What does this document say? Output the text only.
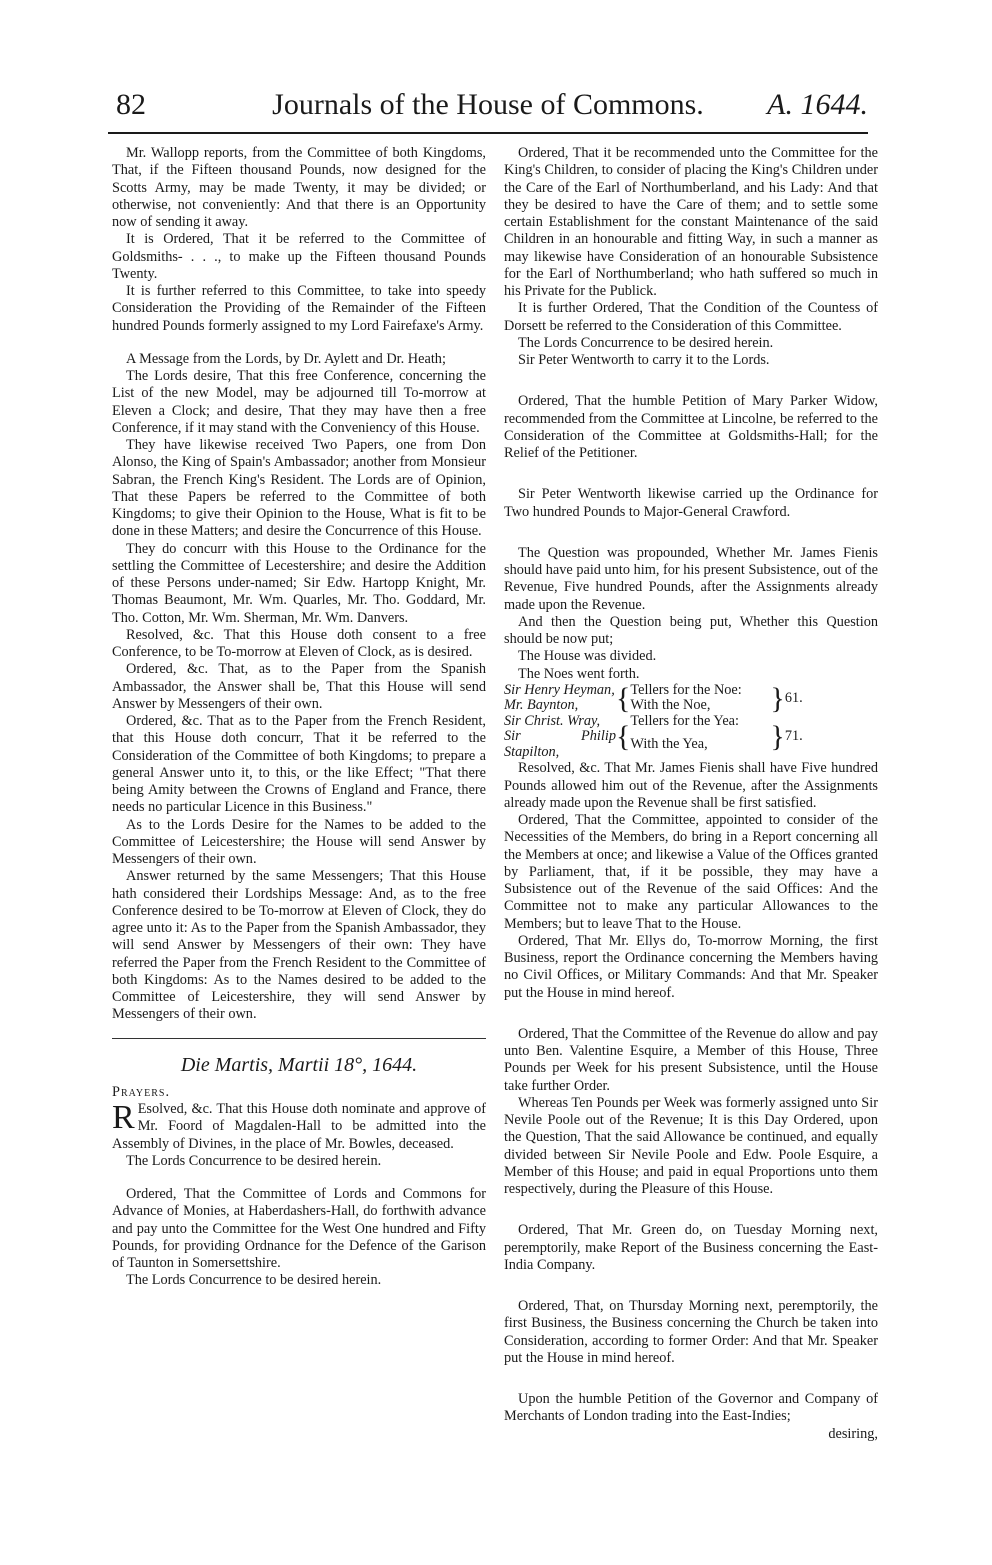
82	Journals of the House of Commons.	A. 1644.

Mr. Wallopp reports, from the Committee of both Kingdoms, That, if the Fifteen thousand Pounds, now designed for the Scotts Army, may be made Twenty, it may be divided; or otherwise, not conveniently: And that there is an Opportunity now of sending it away.

It is Ordered, That it be referred to the Committee of Goldsmiths- . . ., to make up the Fifteen thousand Pounds Twenty.

It is further referred to this Committee, to take into speedy Consideration the Providing of the Remainder of the Fifteen hundred Pounds formerly assigned to my Lord Fairefaxe's Army.

A Message from the Lords, by Dr. Aylett and Dr. Heath;

The Lords desire, That this free Conference, concerning the List of the new Model, may be adjourned till To-morrow at Eleven a Clock; and desire, That they may have then a free Conference, if it may stand with the Conveniency of this House.

They have likewise received Two Papers, one from Don Alonso, the King of Spain's Ambassador; another from Monsieur Sabran, the French King's Resident. The Lords are of Opinion, That these Papers be referred to the Committee of both Kingdoms; to give their Opinion to the House, What is fit to be done in these Matters; and desire the Concurrence of this House.

They do concurr with this House to the Ordinance for the settling the Committee of Lecestershire; and desire the Addition of these Persons under-named; Sir Edw. Hartopp Knight, Mr. Thomas Beaumont, Mr. Wm. Quarles, Mr. Tho. Goddard, Mr. Tho. Cotton, Mr. Wm. Sherman, Mr. Wm. Danvers.

Resolved, &c. That this House doth consent to a free Conference, to be To-morrow at Eleven of Clock, as is desired.

Ordered, &c. That, as to the Paper from the Spanish Ambassador, the Answer shall be, That this House will send Answer by Messengers of their own.

Ordered, &c. That as to the Paper from the French Resident, that this House doth concurr, That it be referred to the Consideration of the Committee of both Kingdoms; to prepare a general Answer unto it, to this, or the like Effect; "That there being Amity between the Crowns of England and France, there needs no particular Licence in this Business."

As to the Lords Desire for the Names to be added to the Committee of Leicestershire; the House will send Answer by Messengers of their own.

Answer returned by the same Messengers; That this House hath considered their Lordships Message: And, as to the free Conference desired to be To-morrow at Eleven of Clock, they do agree unto it: As to the Paper from the Spanish Ambassador, they will send Answer by Messengers of their own: They have referred the Paper from the French Resident to the Committee of both Kingdoms: As to the Names desired to be added to the Committee of Leicestershire, they will send Answer by Messengers of their own.

Die Martis, Martii 18°, 1644.

Prayers.

R Esolved, &c. That this House doth nominate and approve of Mr. Foord of Magdalen-Hall to be admitted into the Assembly of Divines, in the place of Mr. Bowles, deceased.

The Lords Concurrence to be desired herein.

Ordered, That the Committee of Lords and Commons for Advance of Monies, at Haberdashers-Hall, do forthwith advance and pay unto the Committee for the West One hundred and Fifty Pounds, for providing Ordnance for the Defence of the Garison of Taunton in Somersettshire.

The Lords Concurrence to be desired herein.

Ordered, That it be recommended unto the Committee for the King's Children, to consider of placing the King's Children under the Care of the Earl of Northumberland, and his Lady: And that they be desired to have the Care of them; and to settle some certain Establishment for the constant Maintenance of the said Children in an honourable and fitting Way, in such a manner as may likewise have Consideration of an honourable Subsistence for the Earl of Northumberland; who hath suffered so much in his Private for the Publick.

It is further Ordered, That the Condition of the Countess of Dorsett be referred to the Consideration of this Committee.

The Lords Concurrence to be desired herein.

Sir Peter Wentworth to carry it to the Lords.

Ordered, That the humble Petition of Mary Parker Widow, recommended from the Committee at Lincolne, be referred to the Consideration of the Committee at Goldsmiths-Hall; for the Relief of the Petitioner.

Sir Peter Wentworth likewise carried up the Ordinance for Two hundred Pounds to Major-General Crawford.

The Question was propounded, Whether Mr. James Fienis should have paid unto him, for his present Subsistence, out of the Revenue, Five hundred Pounds, after the Assignments already made upon the Revenue.

And then the Question being put, Whether this Question should be now put;

The House was divided.

The Noes went forth.

Sir Henry Heyman,	{	Tellers for the Noe:	}	61.
Mr. Baynton,		With the Noe,		
Sir Christ. Wray,	{	Tellers for the Yea:	}	71.
Sir Philip Stapilton,		With the Yea,		

Resolved, &c. That Mr. James Fienis shall have Five hundred Pounds allowed him out of the Revenue, after the Assignments already made upon the Revenue shall be first satisfied.

Ordered, That the Committee, appointed to consider of the Necessities of the Members, do bring in a Report concerning all the Members at once; and likewise a Value of the Offices granted by Parliament, that, if it be possible, they may have a Subsistence out of the Revenue of the said Offices: And the Committee not to make any particular Allowances to the Members; but to leave That to the House.

Ordered, That Mr. Ellys do, To-morrow Morning, the first Business, report the Ordinance concerning the Members having no Civil Offices, or Military Commands: And that Mr. Speaker put the House in mind hereof.

Ordered, That the Committee of the Revenue do allow and pay unto Ben. Valentine Esquire, a Member of this House, Three Pounds per Week for his present Subsistence, until the House take further Order.

Whereas Ten Pounds per Week was formerly assigned unto Sir Nevile Poole out of the Revenue; It is this Day Ordered, upon the Question, That the said Allowance be continued, and equally divided between Sir Nevile Poole and Edw. Poole Esquire, a Member of this House; and paid in equal Proportions unto them respectively, during the Pleasure of this House.

Ordered, That Mr. Green do, on Tuesday Morning next, peremptorily, make Report of the Business concerning the East-India Company.

Ordered, That, on Thursday Morning next, peremptorily, the first Business, the Business concerning the Church be taken into Consideration, according to former Order: And that Mr. Speaker put the House in mind hereof.

Upon the humble Petition of the Governor and Company of Merchants of London trading into the East-Indies;

desiring,
